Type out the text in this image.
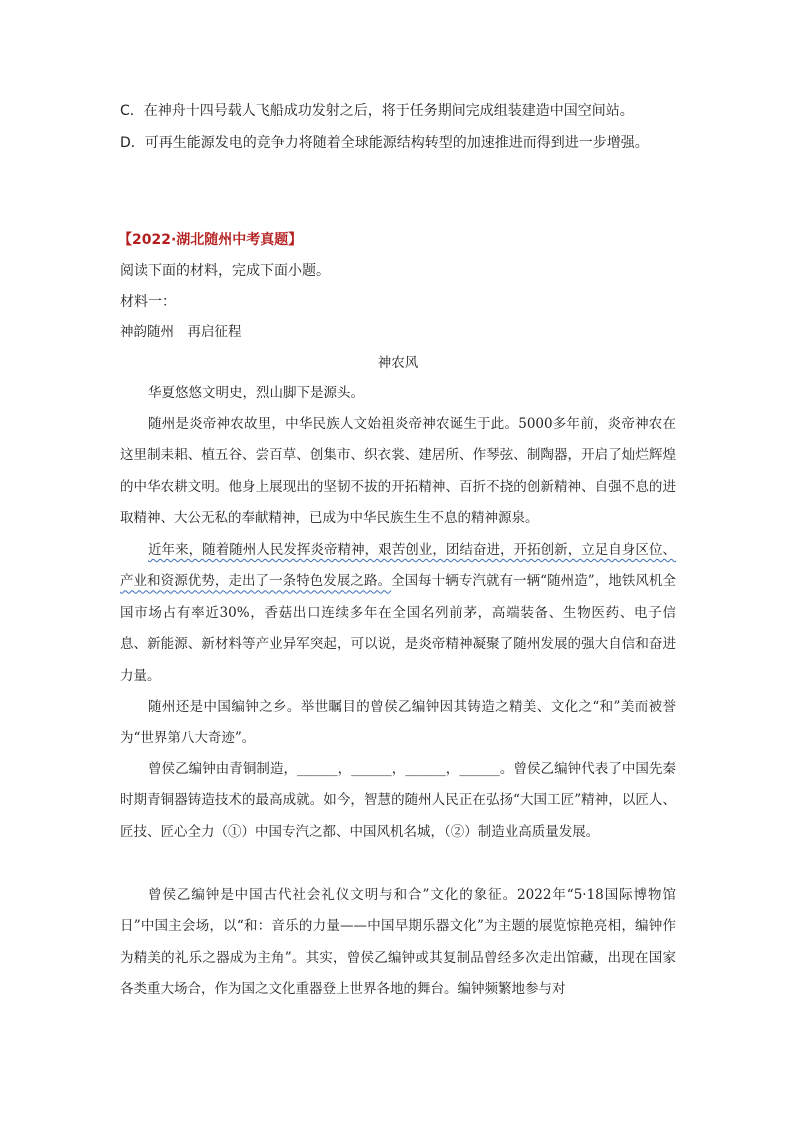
C．在神舟十四号载人飞船成功发射之后，将于任务期间完成组装建造中国空间站。
D．可再生能源发电的竞争力将随着全球能源结构转型的加速推进而得到进一步增强。
【2022·湖北随州中考真题】
阅读下面的材料，完成下面小题。
材料一：
神韵随州　再启征程
神农风
华夏悠悠文明史，烈山脚下是源头。
随州是炎帝神农故里，中华民族人文始祖炎帝神农诞生于此。5000多年前，炎帝神农在这里制耒耜、植五谷、尝百草、创集市、织衣裳、建居所、作琴弦、制陶器，开启了灿烂辉煌的中华农耕文明。他身上展现出的坚韧不拔的开拓精神、百折不挠的创新精神、自强不息的进取精神、大公无私的奉献精神，已成为中华民族生生不息的精神源泉。
近年来，随着随州人民发挥炎帝精神，艰苦创业，团结奋进，开拓创新，立足自身区位、产业和资源优势，走出了一条特色发展之路。全国每十辆专汽就有一辆“随州造”，地铁风机全国市场占有率近30%，香菇出口连续多年在全国名列前茅，高端装备、生物医药、电子信息、新能源、新材料等产业异军突起，可以说，是炎帝精神凝聚了随州发展的强大自信和奋进力量。
随州还是中国编钟之乡。举世瞩目的曾侯乙编钟因其铸造之精美、文化之“和”美而被誉为“世界第八大奇迹”。
曾侯乙编钟由青铜制造，______，______，______，______。曾侯乙编钟代表了中国先秦时期青铜器铸造技术的最高成就。如今，智慧的随州人民正在弘扬“大国工匠”精神，以匠人、匠技、匠心全力（①）中国专汽之都、中国风机名城，（②）制造业高质量发展。
曾侯乙编钟是中国古代社会礼仪文明与和合”文化的象征。2022年“5·18国际博物馆日”中国主会场，以“和：音乐的力量——中国早期乐器文化”为主题的展览惊艳亮相，编钟作为精美的礼乐之器成为主角”。其实，曾侯乙编钟或其复制品曾经多次走出馆藏，出现在国家各类重大场合，作为国之文化重器登上世界各地的舞台。编钟频繁地参与对
